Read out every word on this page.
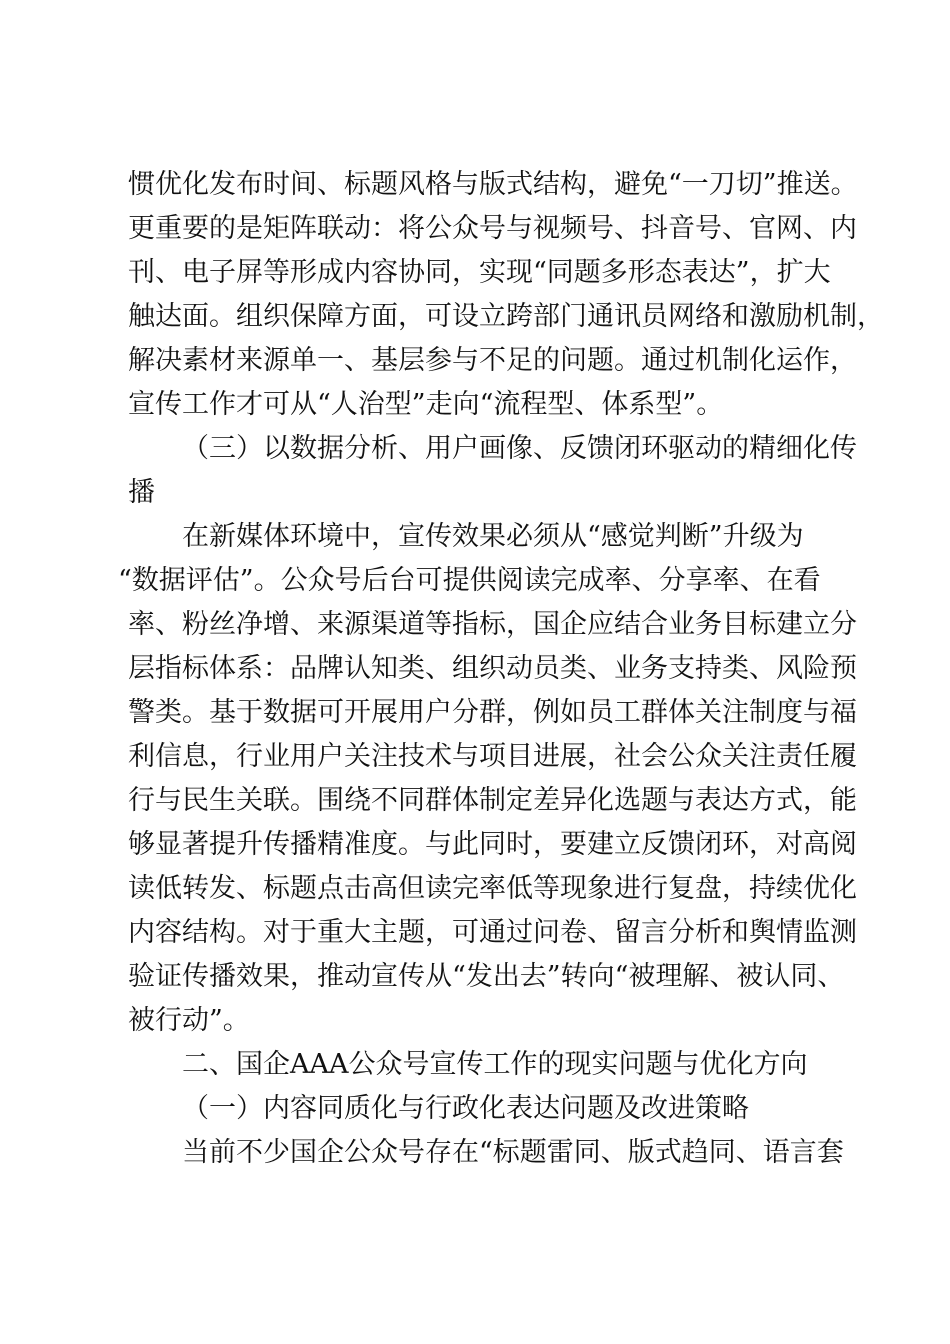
惯优化发布时间、标题风格与版式结构，避免“一刀切”推送。
更重要的是矩阵联动：将公众号与视频号、抖音号、官网、内
刊、电子屏等形成内容协同，实现“同题多形态表达”，扩大
触达面。组织保障方面，可设立跨部门通讯员网络和激励机制，
解决素材来源单一、基层参与不足的问题。通过机制化运作，
宣传工作才可从“人治型”走向“流程型、体系型”。
（三）以数据分析、用户画像、反馈闭环驱动的精细化传
播
在新媒体环境中，宣传效果必须从“感觉判断”升级为
“数据评估”。公众号后台可提供阅读完成率、分享率、在看
率、粉丝净增、来源渠道等指标，国企应结合业务目标建立分
层指标体系：品牌认知类、组织动员类、业务支持类、风险预
警类。基于数据可开展用户分群，例如员工群体关注制度与福
利信息，行业用户关注技术与项目进展，社会公众关注责任履
行与民生关联。围绕不同群体制定差异化选题与表达方式，能
够显著提升传播精准度。与此同时，要建立反馈闭环，对高阅
读低转发、标题点击高但读完率低等现象进行复盘，持续优化
内容结构。对于重大主题，可通过问卷、留言分析和舆情监测
验证传播效果，推动宣传从“发出去”转向“被理解、被认同、
被行动”。
二、国企AAA公众号宣传工作的现实问题与优化方向
（一）内容同质化与行政化表达问题及改进策略
当前不少国企公众号存在“标题雷同、版式趋同、语言套
